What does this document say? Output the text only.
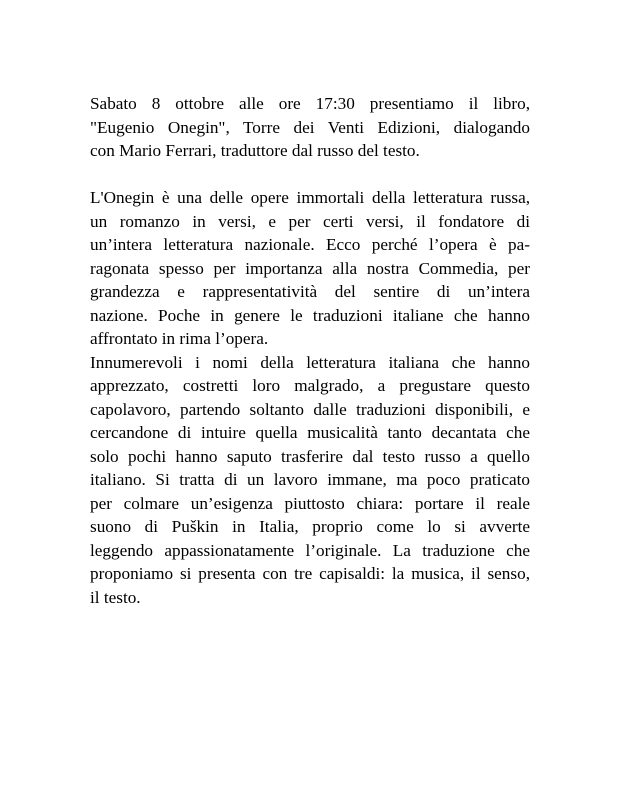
Sabato 8 ottobre alle ore 17:30 presentiamo il libro,
"Eugenio Onegin", Torre dei Venti Edizioni, dialogando
con Mario Ferrari, traduttore dal russo del testo.

L'Onegin è una delle opere immortali della letteratura russa,
un romanzo in versi, e per certi versi, il fondatore di
un’intera letteratura nazionale. Ecco perché l’opera è pa-
ragonata spesso per importanza alla nostra Commedia, per
grandezza e rappresentatività del sentire di un’intera
nazione. Poche in genere le traduzioni italiane che hanno
affrontato in rima l’opera.

Innumerevoli i nomi della letteratura italiana che hanno
apprezzato, costretti loro malgrado, a pregustare questo
capolavoro, partendo soltanto dalle traduzioni disponibili, e
cercandone di intuire quella musicalità tanto decantata che
solo pochi hanno saputo trasferire dal testo russo a quello
italiano. Si tratta di un lavoro immane, ma poco praticato
per colmare un’esigenza piuttosto chiara: portare il reale
suono di Puškin in Italia, proprio come lo si avverte
leggendo appassionatamente l’originale. La traduzione che
proponiamo si presenta con tre capisaldi: la musica, il senso,
il testo.
